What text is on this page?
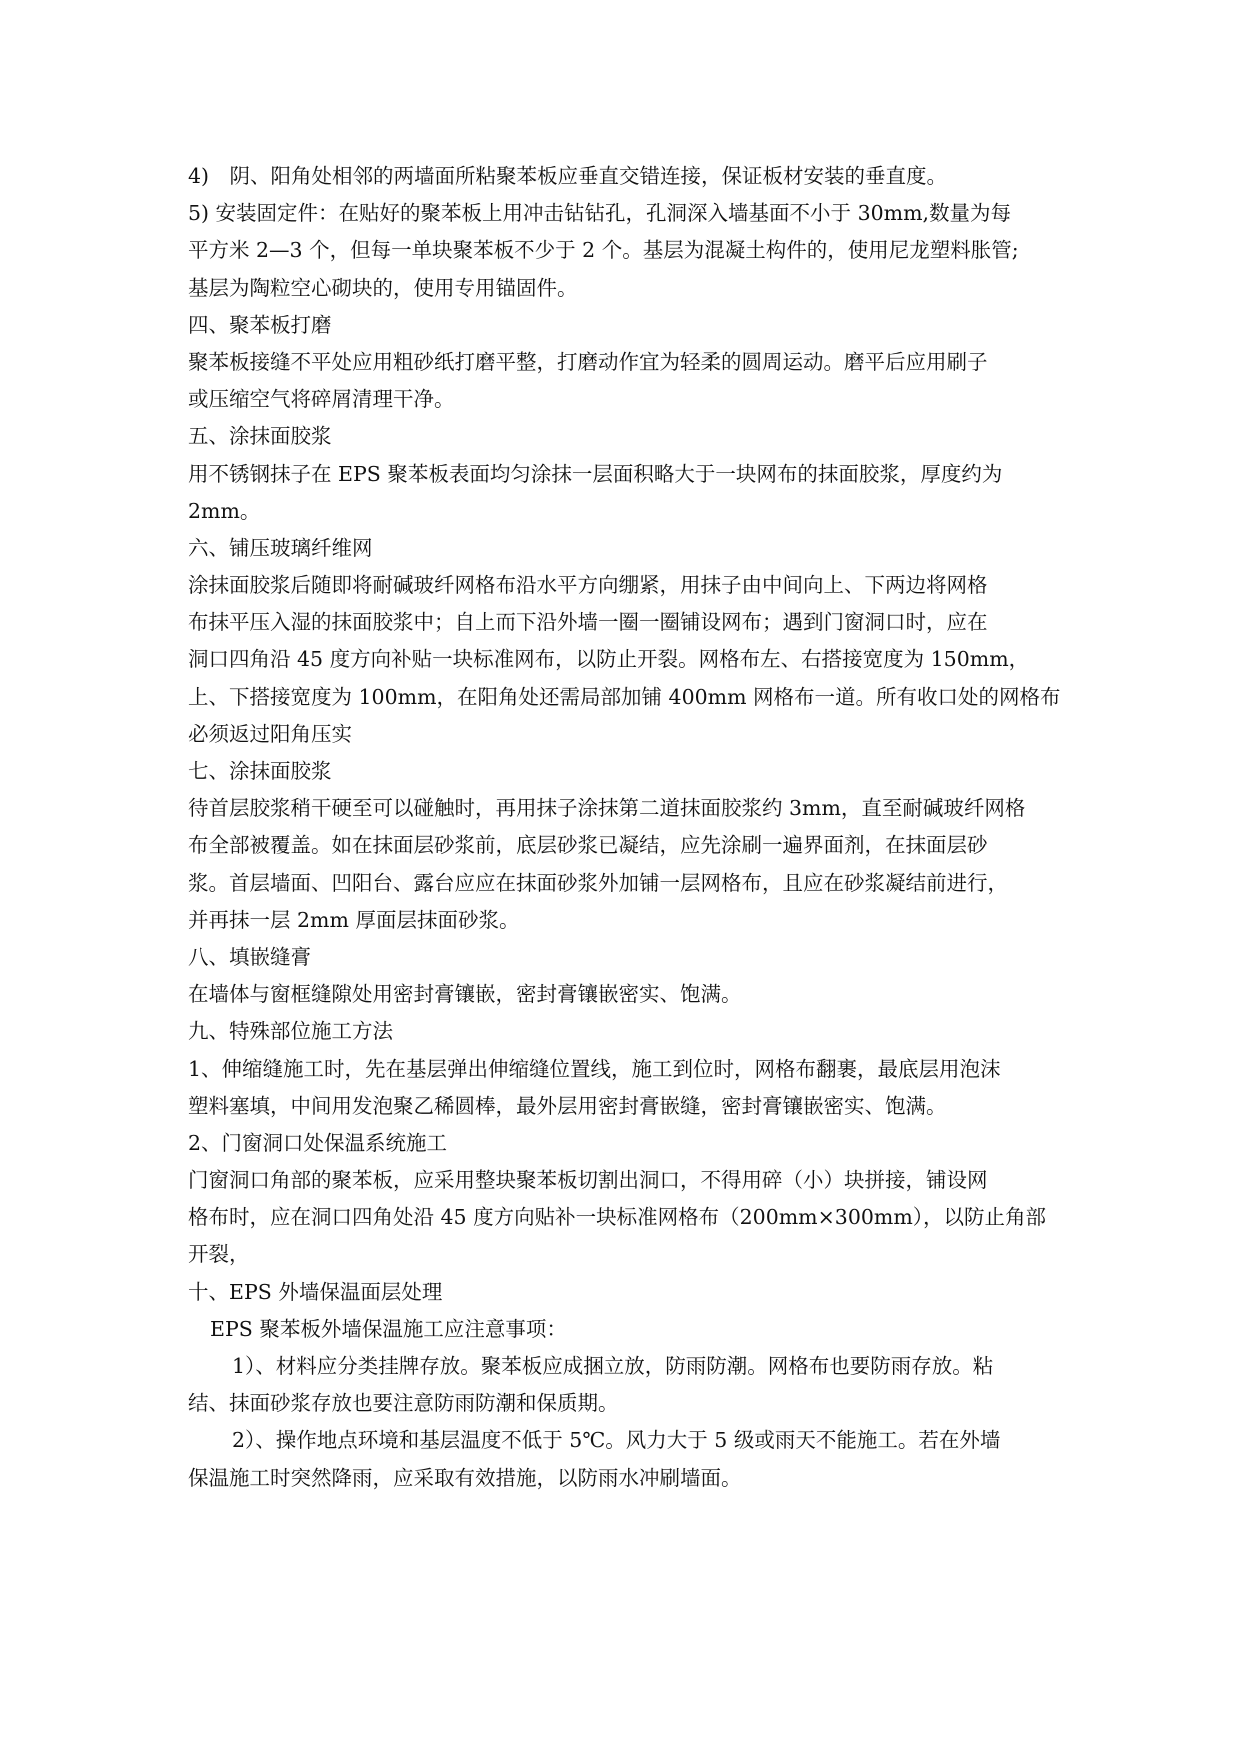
4)　阴、阳角处相邻的两墙面所粘聚苯板应垂直交错连接，保证板材安装的垂直度。
5) 安装固定件：在贴好的聚苯板上用冲击钻钻孔，孔洞深入墙基面不小于 30mm,数量为每
平方米 2—3 个，但每一单块聚苯板不少于 2 个。基层为混凝土构件的，使用尼龙塑料胀管;
基层为陶粒空心砌块的，使用专用锚固件。
四、聚苯板打磨
聚苯板接缝不平处应用粗砂纸打磨平整，打磨动作宜为轻柔的圆周运动。磨平后应用刷子
或压缩空气将碎屑清理干净。
五、涂抹面胶浆
用不锈钢抹子在 EPS 聚苯板表面均匀涂抹一层面积略大于一块网布的抹面胶浆，厚度约为
2mm。
六、铺压玻璃纤维网
涂抹面胶浆后随即将耐碱玻纤网格布沿水平方向绷紧，用抹子由中间向上、下两边将网格
布抹平压入湿的抹面胶浆中；自上而下沿外墙一圈一圈铺设网布；遇到门窗洞口时，应在
洞口四角沿 45 度方向补贴一块标准网布，以防止开裂。网格布左、右搭接宽度为 150mm，
上、下搭接宽度为 100mm，在阳角处还需局部加铺 400mm 网格布一道。所有收口处的网格布
必须返过阳角压实
七、涂抹面胶浆
待首层胶浆稍干硬至可以碰触时，再用抹子涂抹第二道抹面胶浆约 3mm，直至耐碱玻纤网格
布全部被覆盖。如在抹面层砂浆前，底层砂浆已凝结，应先涂刷一遍界面剂，在抹面层砂
浆。首层墙面、凹阳台、露台应应在抹面砂浆外加铺一层网格布，且应在砂浆凝结前进行，
并再抹一层 2mm 厚面层抹面砂浆。
八、填嵌缝膏
在墙体与窗框缝隙处用密封膏镶嵌，密封膏镶嵌密实、饱满。
九、特殊部位施工方法
1、伸缩缝施工时，先在基层弹出伸缩缝位置线，施工到位时，网格布翻裹，最底层用泡沫
塑料塞填，中间用发泡聚乙稀圆棒，最外层用密封膏嵌缝，密封膏镶嵌密实、饱满。
2、门窗洞口处保温系统施工
门窗洞口角部的聚苯板，应采用整块聚苯板切割出洞口，不得用碎（小）块拼接，铺设网
格布时，应在洞口四角处沿 45 度方向贴补一块标准网格布（200mm×300mm），以防止角部
开裂，
十、EPS 外墙保温面层处理
EPS 聚苯板外墙保温施工应注意事项：
1）、材料应分类挂牌存放。聚苯板应成捆立放，防雨防潮。网格布也要防雨存放。粘
结、抹面砂浆存放也要注意防雨防潮和保质期。
2）、操作地点环境和基层温度不低于 5℃。风力大于 5 级或雨天不能施工。若在外墙
保温施工时突然降雨，应采取有效措施，以防雨水冲刷墙面。
